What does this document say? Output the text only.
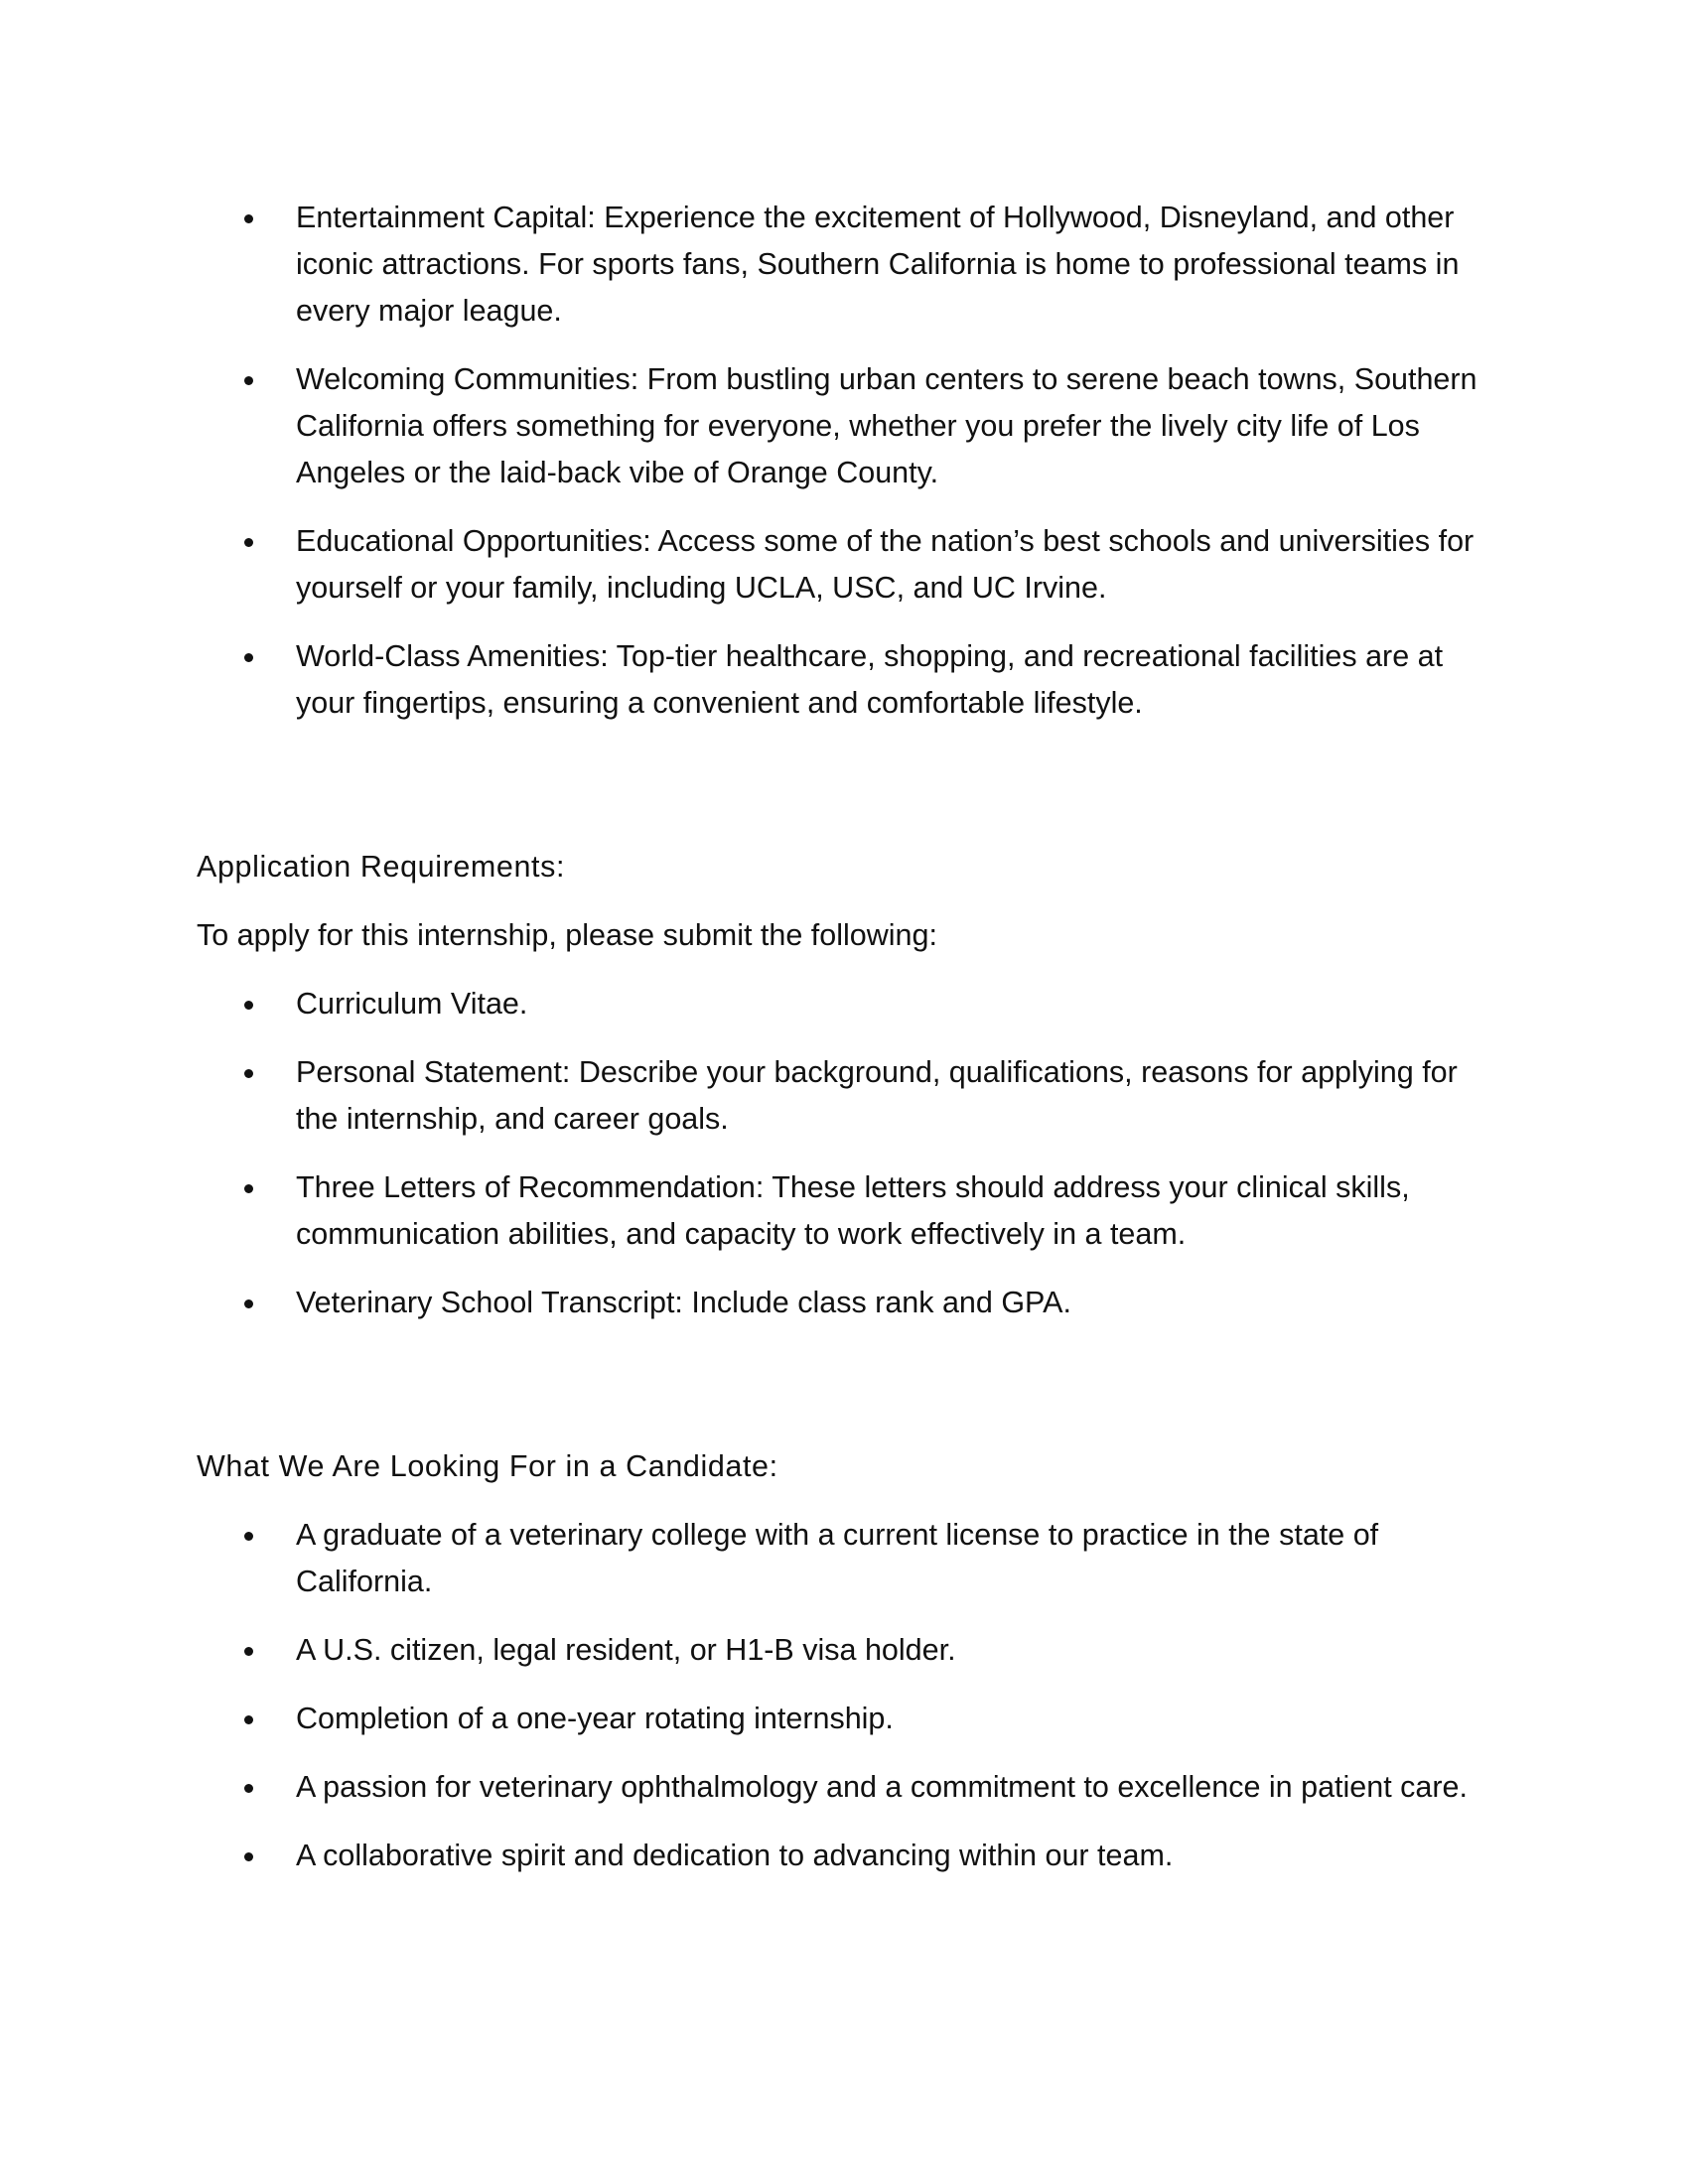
Entertainment Capital: Experience the excitement of Hollywood, Disneyland, and other iconic attractions. For sports fans, Southern California is home to professional teams in every major league.
Welcoming Communities: From bustling urban centers to serene beach towns, Southern California offers something for everyone, whether you prefer the lively city life of Los Angeles or the laid-back vibe of Orange County.
Educational Opportunities: Access some of the nation’s best schools and universities for yourself or your family, including UCLA, USC, and UC Irvine.
World-Class Amenities: Top-tier healthcare, shopping, and recreational facilities are at your fingertips, ensuring a convenient and comfortable lifestyle.

Application Requirements:

To apply for this internship, please submit the following:

Curriculum Vitae.
Personal Statement: Describe your background, qualifications, reasons for applying for the internship, and career goals.
Three Letters of Recommendation: These letters should address your clinical skills, communication abilities, and capacity to work effectively in a team.
Veterinary School Transcript: Include class rank and GPA.

What We Are Looking For in a Candidate:

A graduate of a veterinary college with a current license to practice in the state of California.
A U.S. citizen, legal resident, or H1-B visa holder.
Completion of a one-year rotating internship.
A passion for veterinary ophthalmology and a commitment to excellence in patient care.
A collaborative spirit and dedication to advancing within our team.
